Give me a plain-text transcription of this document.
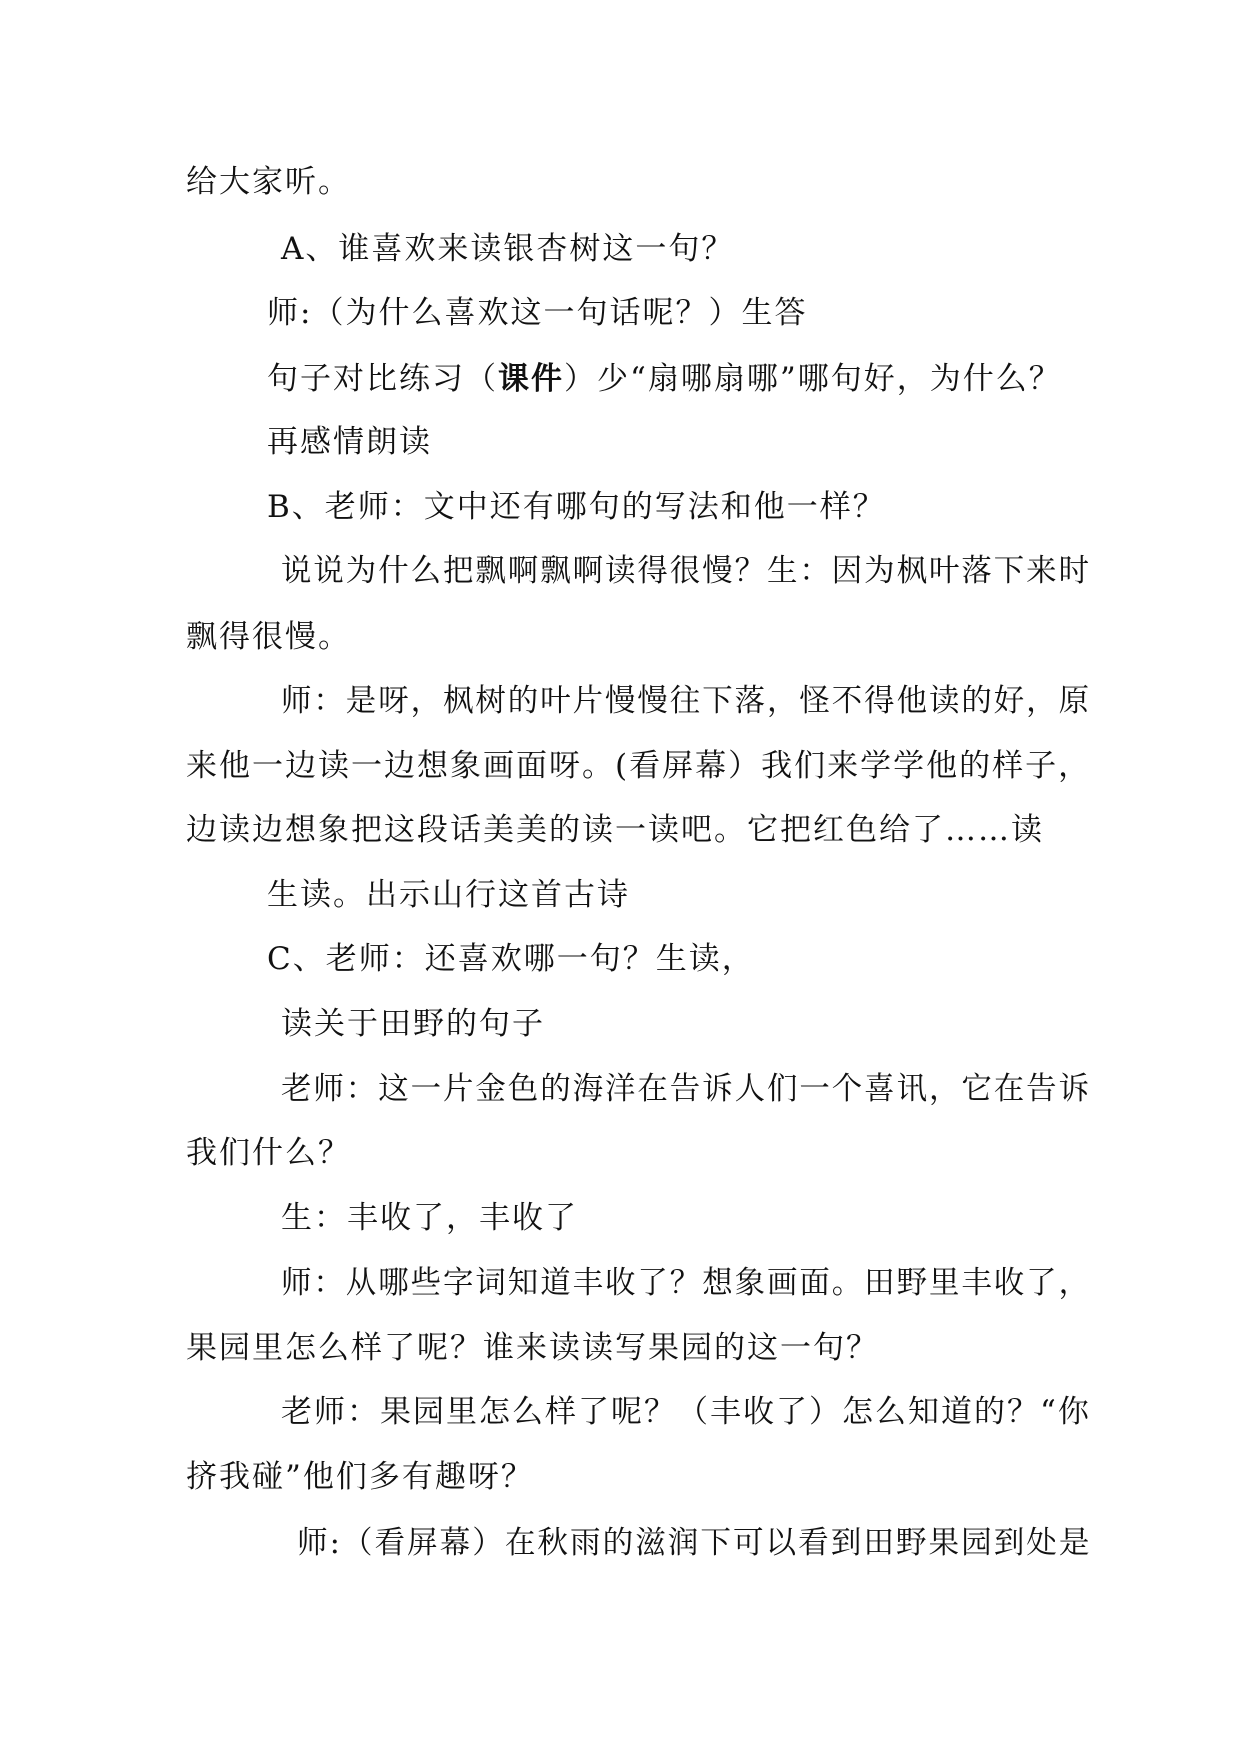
给大家听。
A、谁喜欢来读银杏树这一句？
师:（为什么喜欢这一句话呢？）生答
句子对比练习（课件）少“扇哪扇哪”哪句好，为什么？
再感情朗读
B、老师：文中还有哪句的写法和他一样？
说说为什么把飘啊飘啊读得很慢？生：因为枫叶落下来时
飘得很慢。
师：是呀，枫树的叶片慢慢往下落，怪不得他读的好，原
来他一边读一边想象画面呀。(看屏幕）我们来学学他的样子，
边读边想象把这段话美美的读一读吧。它把红色给了……读
生读。出示山行这首古诗
C、老师：还喜欢哪一句？生读，
读关于田野的句子
老师：这一片金色的海洋在告诉人们一个喜讯，它在告诉
我们什么？
生：丰收了，丰收了
师：从哪些字词知道丰收了？想象画面。田野里丰收了，
果园里怎么样了呢？谁来读读写果园的这一句？
老师：果园里怎么样了呢？（丰收了）怎么知道的？“你
挤我碰”他们多有趣呀？
师:（看屏幕）在秋雨的滋润下可以看到田野果园到处是
